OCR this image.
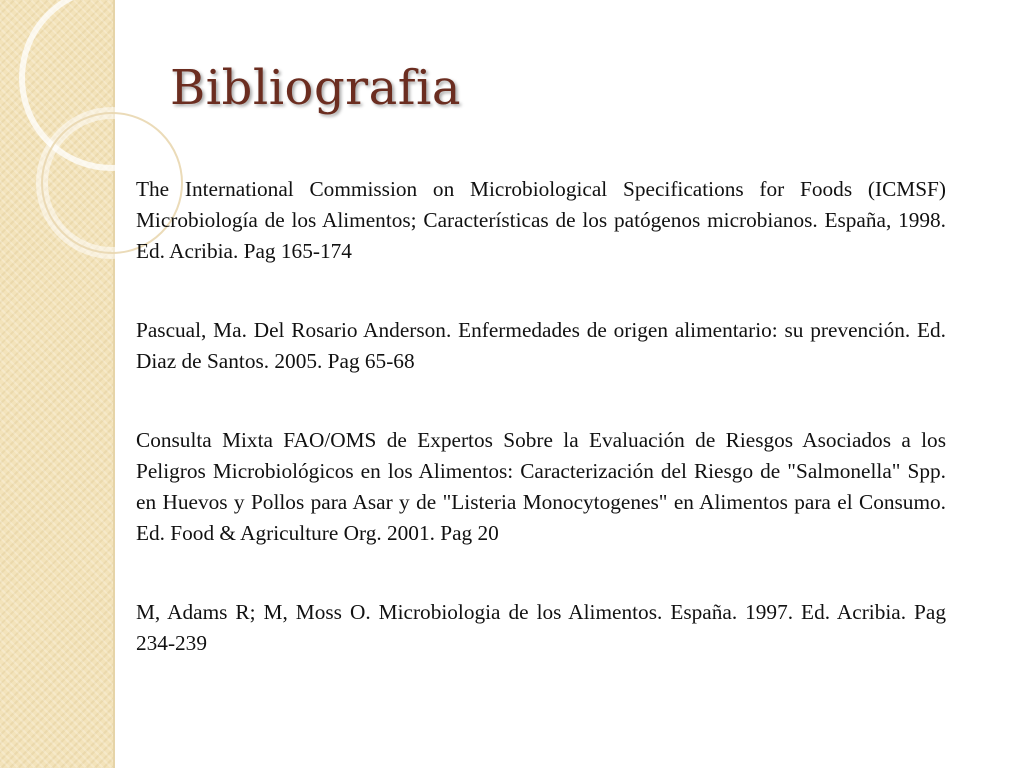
Bibliografia

The International Commission on Microbiological Specifications for Foods (ICMSF) Microbiología de los Alimentos; Características de los patógenos microbianos. España, 1998. Ed. Acribia. Pag 165-174

Pascual, Ma. Del Rosario Anderson. Enfermedades de origen alimentario: su prevención. Ed. Diaz de Santos. 2005. Pag 65-68

Consulta Mixta FAO/OMS de Expertos Sobre la Evaluación de Riesgos Asociados a los Peligros Microbiológicos en los Alimentos: Caracterización del Riesgo de "Salmonella" Spp. en Huevos y Pollos para Asar y de "Listeria Monocytogenes" en Alimentos para el Consumo. Ed. Food & Agriculture Org. 2001. Pag 20

M, Adams R; M, Moss O. Microbiologia de los Alimentos. España. 1997. Ed. Acribia. Pag 234-239
